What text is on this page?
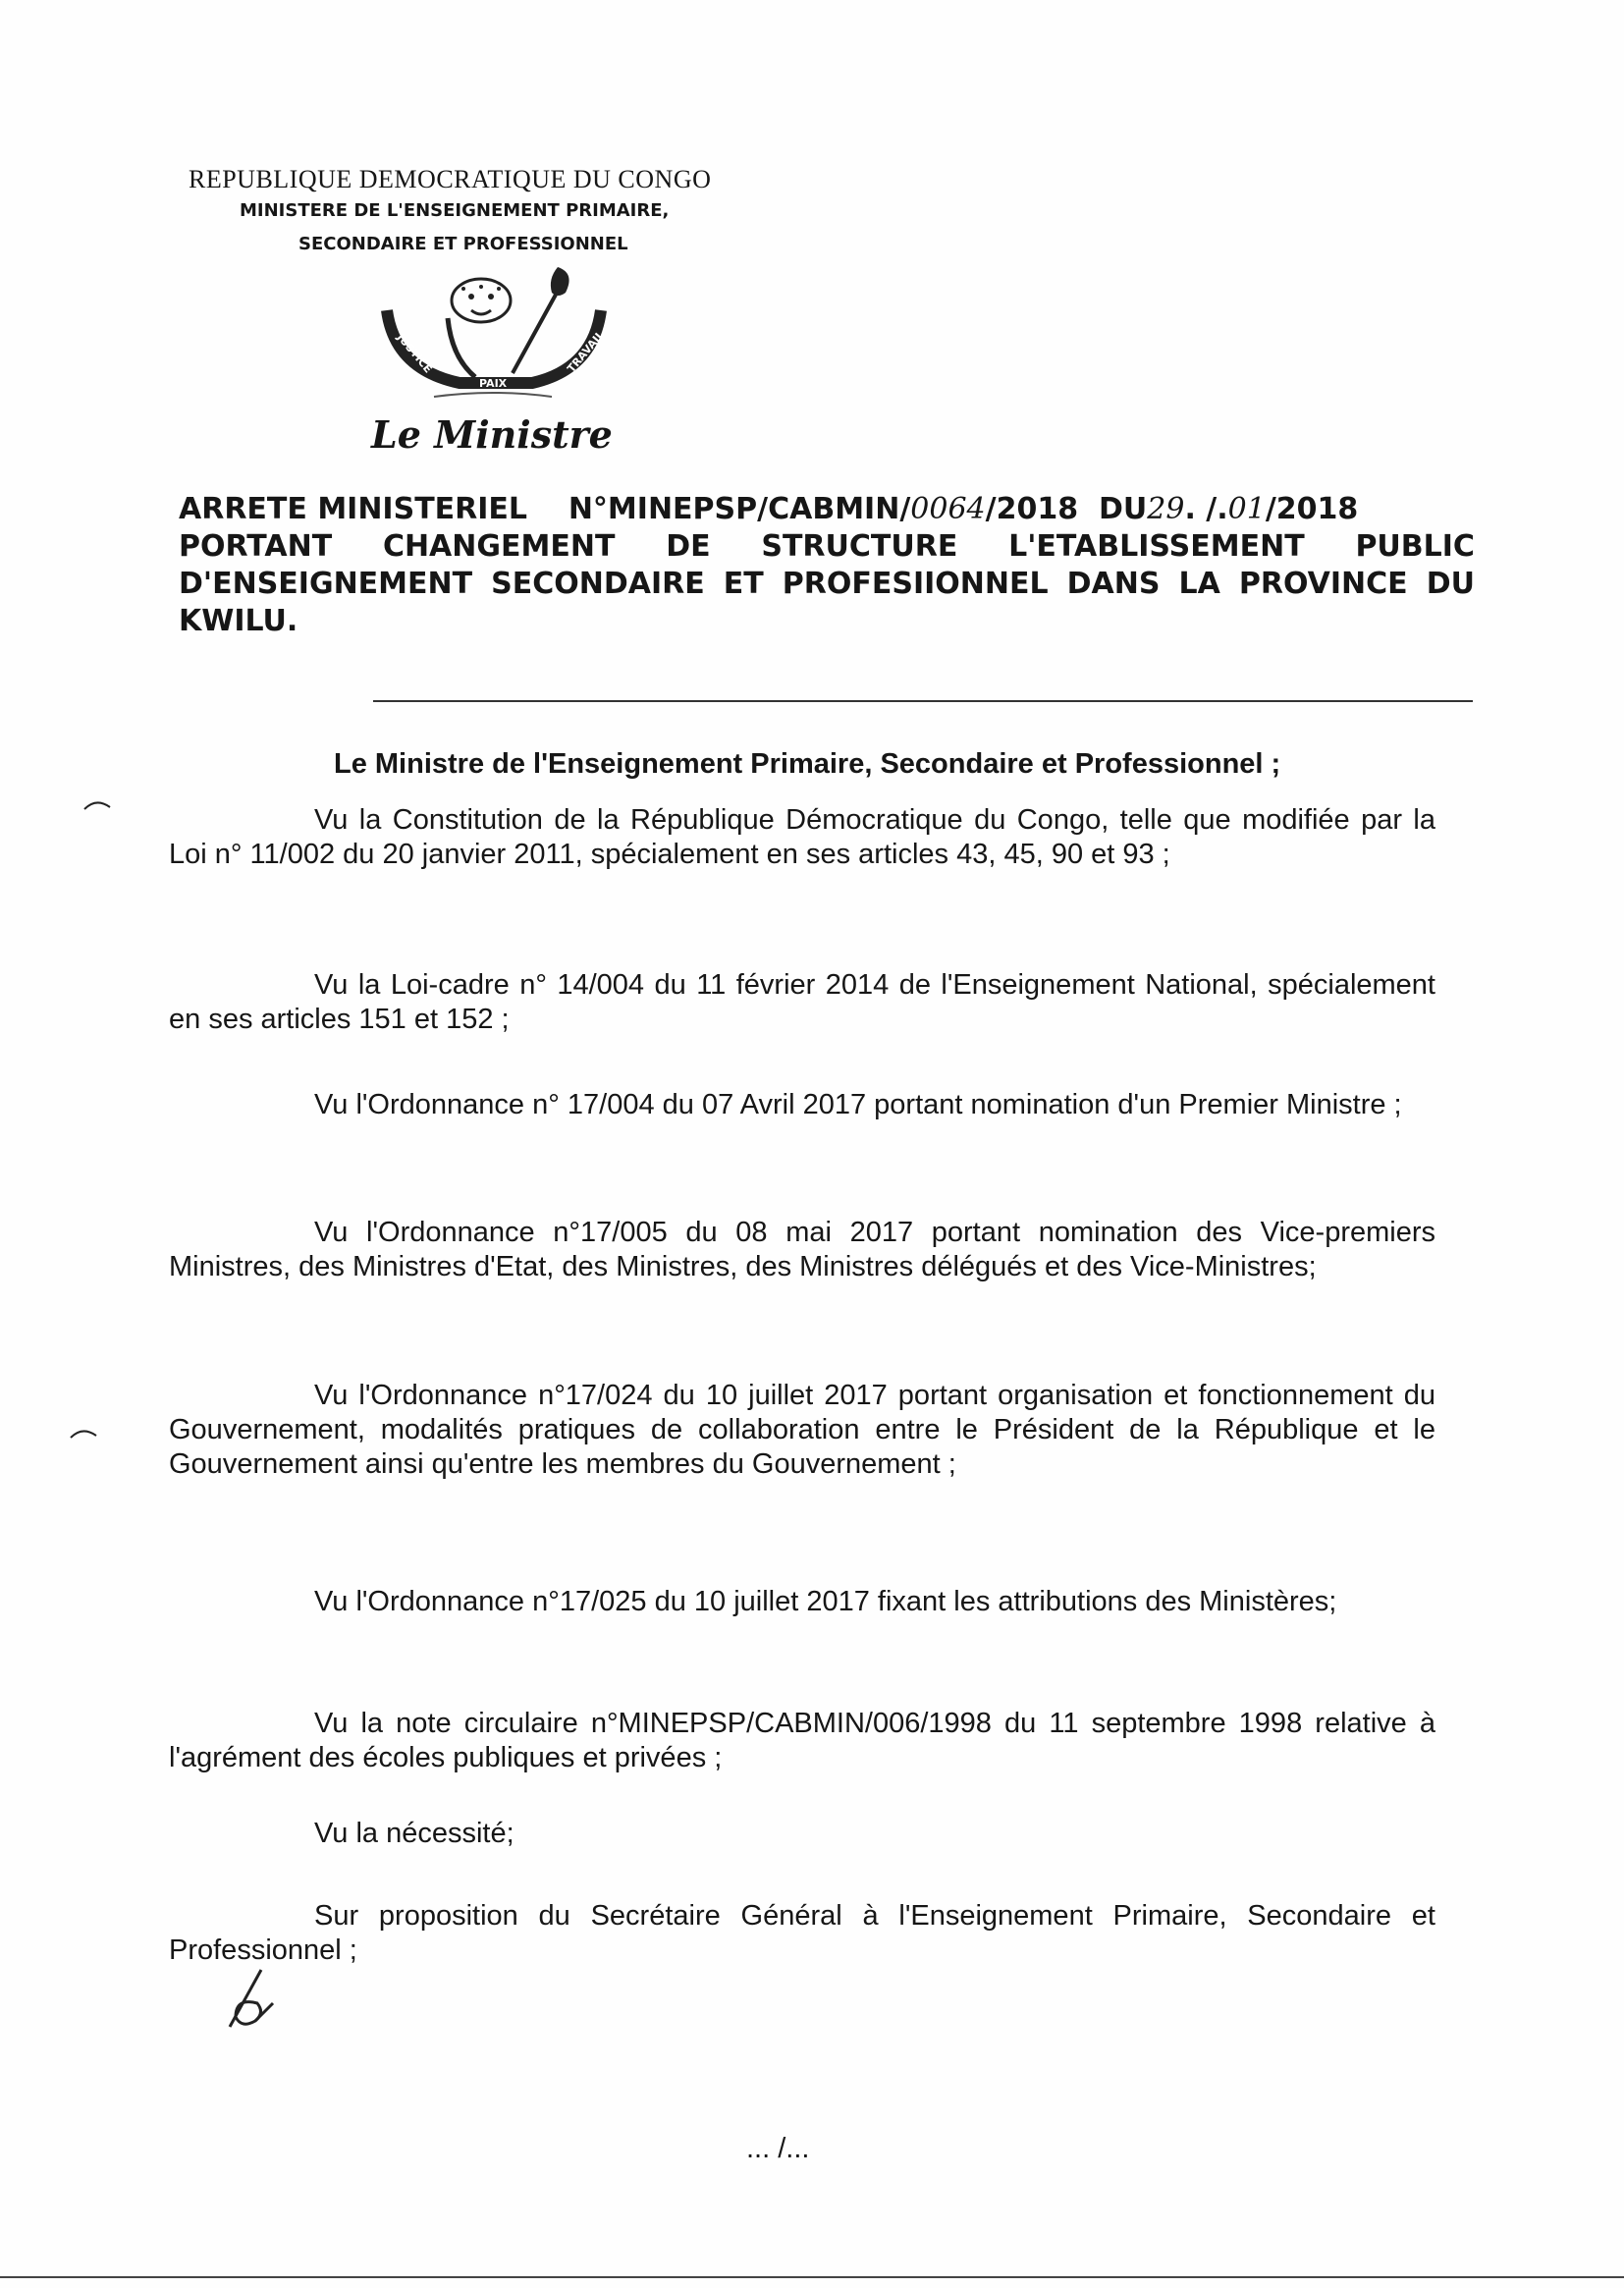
REPUBLIQUE DEMOCRATIQUE DU CONGO
MINISTERE DE L'ENSEIGNEMENT PRIMAIRE,
SECONDAIRE ET PROFESSIONNEL
JUSTICE
PAIX
TRAVAIL
Le Ministre
ARRETE MINISTERIEL N°MINEPSP/CABMIN/0064/2018 DU29. /.01/2018
PORTANT CHANGEMENT DE STRUCTURE L'ETABLISSEMENT PUBLIC
D'ENSEIGNEMENT SECONDAIRE ET PROFESIIONNEL DANS LA PROVINCE DU
KWILU.
Le Ministre de l'Enseignement Primaire, Secondaire et Professionnel ;

Vu la Constitution de la République Démocratique du Congo, telle que modifiée par la Loi n° 11/002 du 20 janvier 2011, spécialement en ses articles 43, 45, 90 et 93 ;

Vu la Loi-cadre n° 14/004 du 11 février 2014 de l'Enseignement National, spécialement en ses articles 151 et 152 ;

Vu l'Ordonnance n° 17/004 du 07 Avril 2017 portant nomination d'un Premier Ministre ;

Vu l'Ordonnance n°17/005 du 08 mai 2017 portant nomination des Vice-premiers Ministres, des Ministres d'Etat, des Ministres, des Ministres délégués et des Vice-Ministres;

Vu l'Ordonnance n°17/024 du 10 juillet 2017 portant organisation et fonctionnement du Gouvernement, modalités pratiques de collaboration entre le Président de la République et le Gouvernement ainsi qu'entre les membres du Gouvernement ;

Vu l'Ordonnance n°17/025 du 10 juillet 2017 fixant les attributions des Ministères;

Vu la note circulaire n°MINEPSP/CABMIN/006/1998 du 11 septembre 1998 relative à l'agrément des écoles publiques et privées ;

Vu la nécessité;

Sur proposition du Secrétaire Général à l'Enseignement Primaire, Secondaire et Professionnel ;

... /...
